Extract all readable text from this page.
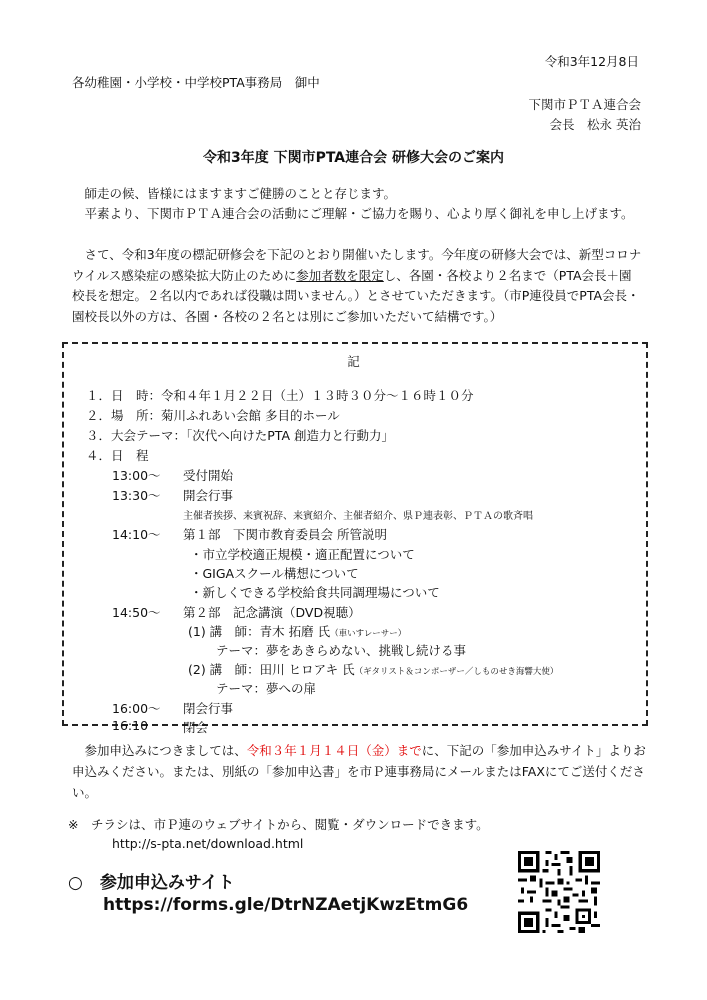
令和3年12月8日
各幼稚園・小学校・中学校PTA事務局　御中
下関市ＰＴＡ連合会
会長　松永 英治
令和3年度 下関市PTA連合会 研修大会のご案内
　師走の候、皆様にはますますご健勝のことと存じます。
　平素より、下関市ＰＴＡ連合会の活動にご理解・ご協力を賜り、心より厚く御礼を申し上げます。
　さて、令和3年度の標記研修会を下記のとおり開催いたします。今年度の研修大会では、新型コロナウイルス感染症の感染拡大防止のために参加者数を限定し、各園・各校より２名まで（PTA会長＋園校長を想定。２名以内であれば役職は問いません。）とさせていただきます。（市P連役員でPTA会長・園校長以外の方は、各園・各校の２名とは別にご参加いただいて結構です。）
記
１．日　時：令和４年１月２２日（土）１３時３０分～１６時１０分
２．場　所：菊川ふれあい会館 多目的ホール
３．大会テーマ：「次代へ向けたPTA 創造力と行動力」
４．日　程
13:00～ 受付開始
13:30～ 開会行事
主催者挨拶、来賓祝辞、来賓紹介、主催者紹介、県Ｐ連表彰、ＰＴＡの歌斉唱
14:10～ 第１部　下関市教育委員会 所管説明
・市立学校適正規模・適正配置について
・GIGAスクール構想について
・新しくできる学校給食共同調理場について
14:50～ 第２部　記念講演（DVD視聴）
(1) 講　師：青木 拓磨 氏（車いすレーサー）
テーマ：夢をあきらめない、挑戦し続ける事
(2) 講　師：田川 ヒロアキ 氏（ギタリスト＆コンポーザー／しものせき海響大使）
テーマ：夢への扉
16:00～ 閉会行事
16:10	閉会
　参加申込みにつきましては、令和３年１月１４日（金）までに、下記の「参加申込みサイト」よりお申込みください。または、別紙の「参加申込書」を市Ｐ連事務局にメールまたはFAXにてご送付ください。
※　チラシは、市Ｐ連のウェブサイトから、閲覧・ダウンロードできます。
http://s-pta.net/download.html
○　参加申込みサイト
https://forms.gle/DtrNZAetjKwzEtmG6
